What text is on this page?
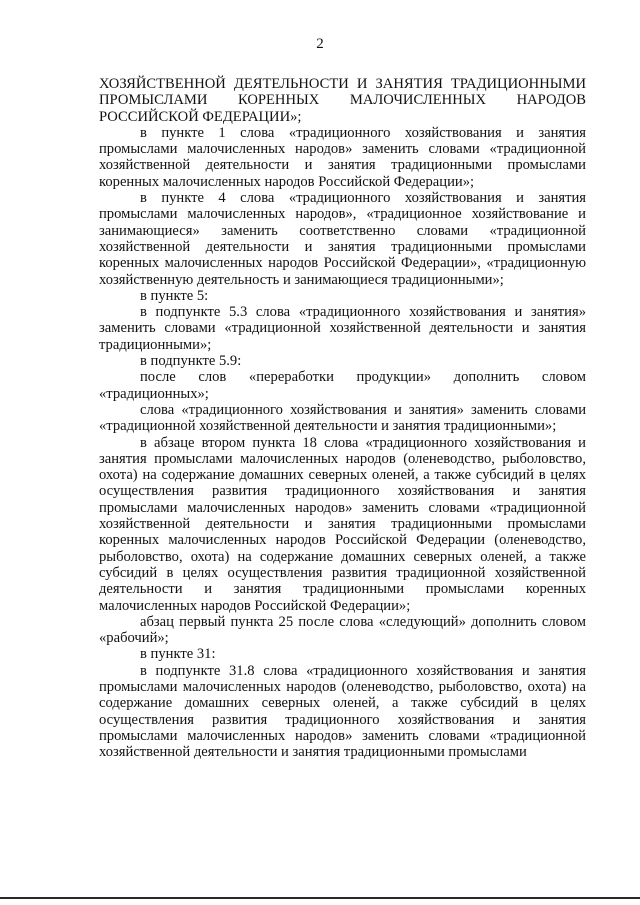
2

ХОЗЯЙСТВЕННОЙ ДЕЯТЕЛЬНОСТИ И ЗАНЯТИЯ ТРАДИЦИОННЫМИ ПРОМЫСЛАМИ КОРЕННЫХ МАЛОЧИСЛЕННЫХ НАРОДОВ РОССИЙСКОЙ ФЕДЕРАЦИИ»;

в пункте 1 слова «традиционного хозяйствования и занятия промыслами малочисленных народов» заменить словами «традиционной хозяйственной деятельности и занятия традиционными промыслами коренных малочисленных народов Российской Федерации»;

в пункте 4 слова «традиционного хозяйствования и занятия промыслами малочисленных народов», «традиционное хозяйствование и занимающиеся» заменить соответственно словами «традиционной хозяйственной деятельности и занятия традиционными промыслами коренных малочисленных народов Российской Федерации», «традиционную хозяйственную деятельность и занимающиеся традиционными»;

в пункте 5:

в подпункте 5.3 слова «традиционного хозяйствования и занятия» заменить словами «традиционной хозяйственной деятельности и занятия традиционными»;

в подпункте 5.9:

после слов «переработки продукции» дополнить словом «традиционных»;

слова «традиционного хозяйствования и занятия» заменить словами «традиционной хозяйственной деятельности и занятия традиционными»;

в абзаце втором пункта 18 слова «традиционного хозяйствования и занятия промыслами малочисленных народов (оленеводство, рыболовство, охота) на содержание домашних северных оленей, а также субсидий в целях осуществления развития традиционного хозяйствования и занятия промыслами малочисленных народов» заменить словами «традиционной хозяйственной деятельности и занятия традиционными промыслами коренных малочисленных народов Российской Федерации (оленеводство, рыболовство, охота) на содержание домашних северных оленей, а также субсидий в целях осуществления развития традиционной хозяйственной деятельности и занятия традиционными промыслами коренных малочисленных народов Российской Федерации»;

абзац первый пункта 25 после слова «следующий» дополнить словом «рабочий»;

в пункте 31:

в подпункте 31.8 слова «традиционного хозяйствования и занятия промыслами малочисленных народов (оленеводство, рыболовство, охота) на содержание домашних северных оленей, а также субсидий в целях осуществления развития традиционного хозяйствования и занятия промыслами малочисленных народов» заменить словами «традиционной хозяйственной деятельности и занятия традиционными промыслами
